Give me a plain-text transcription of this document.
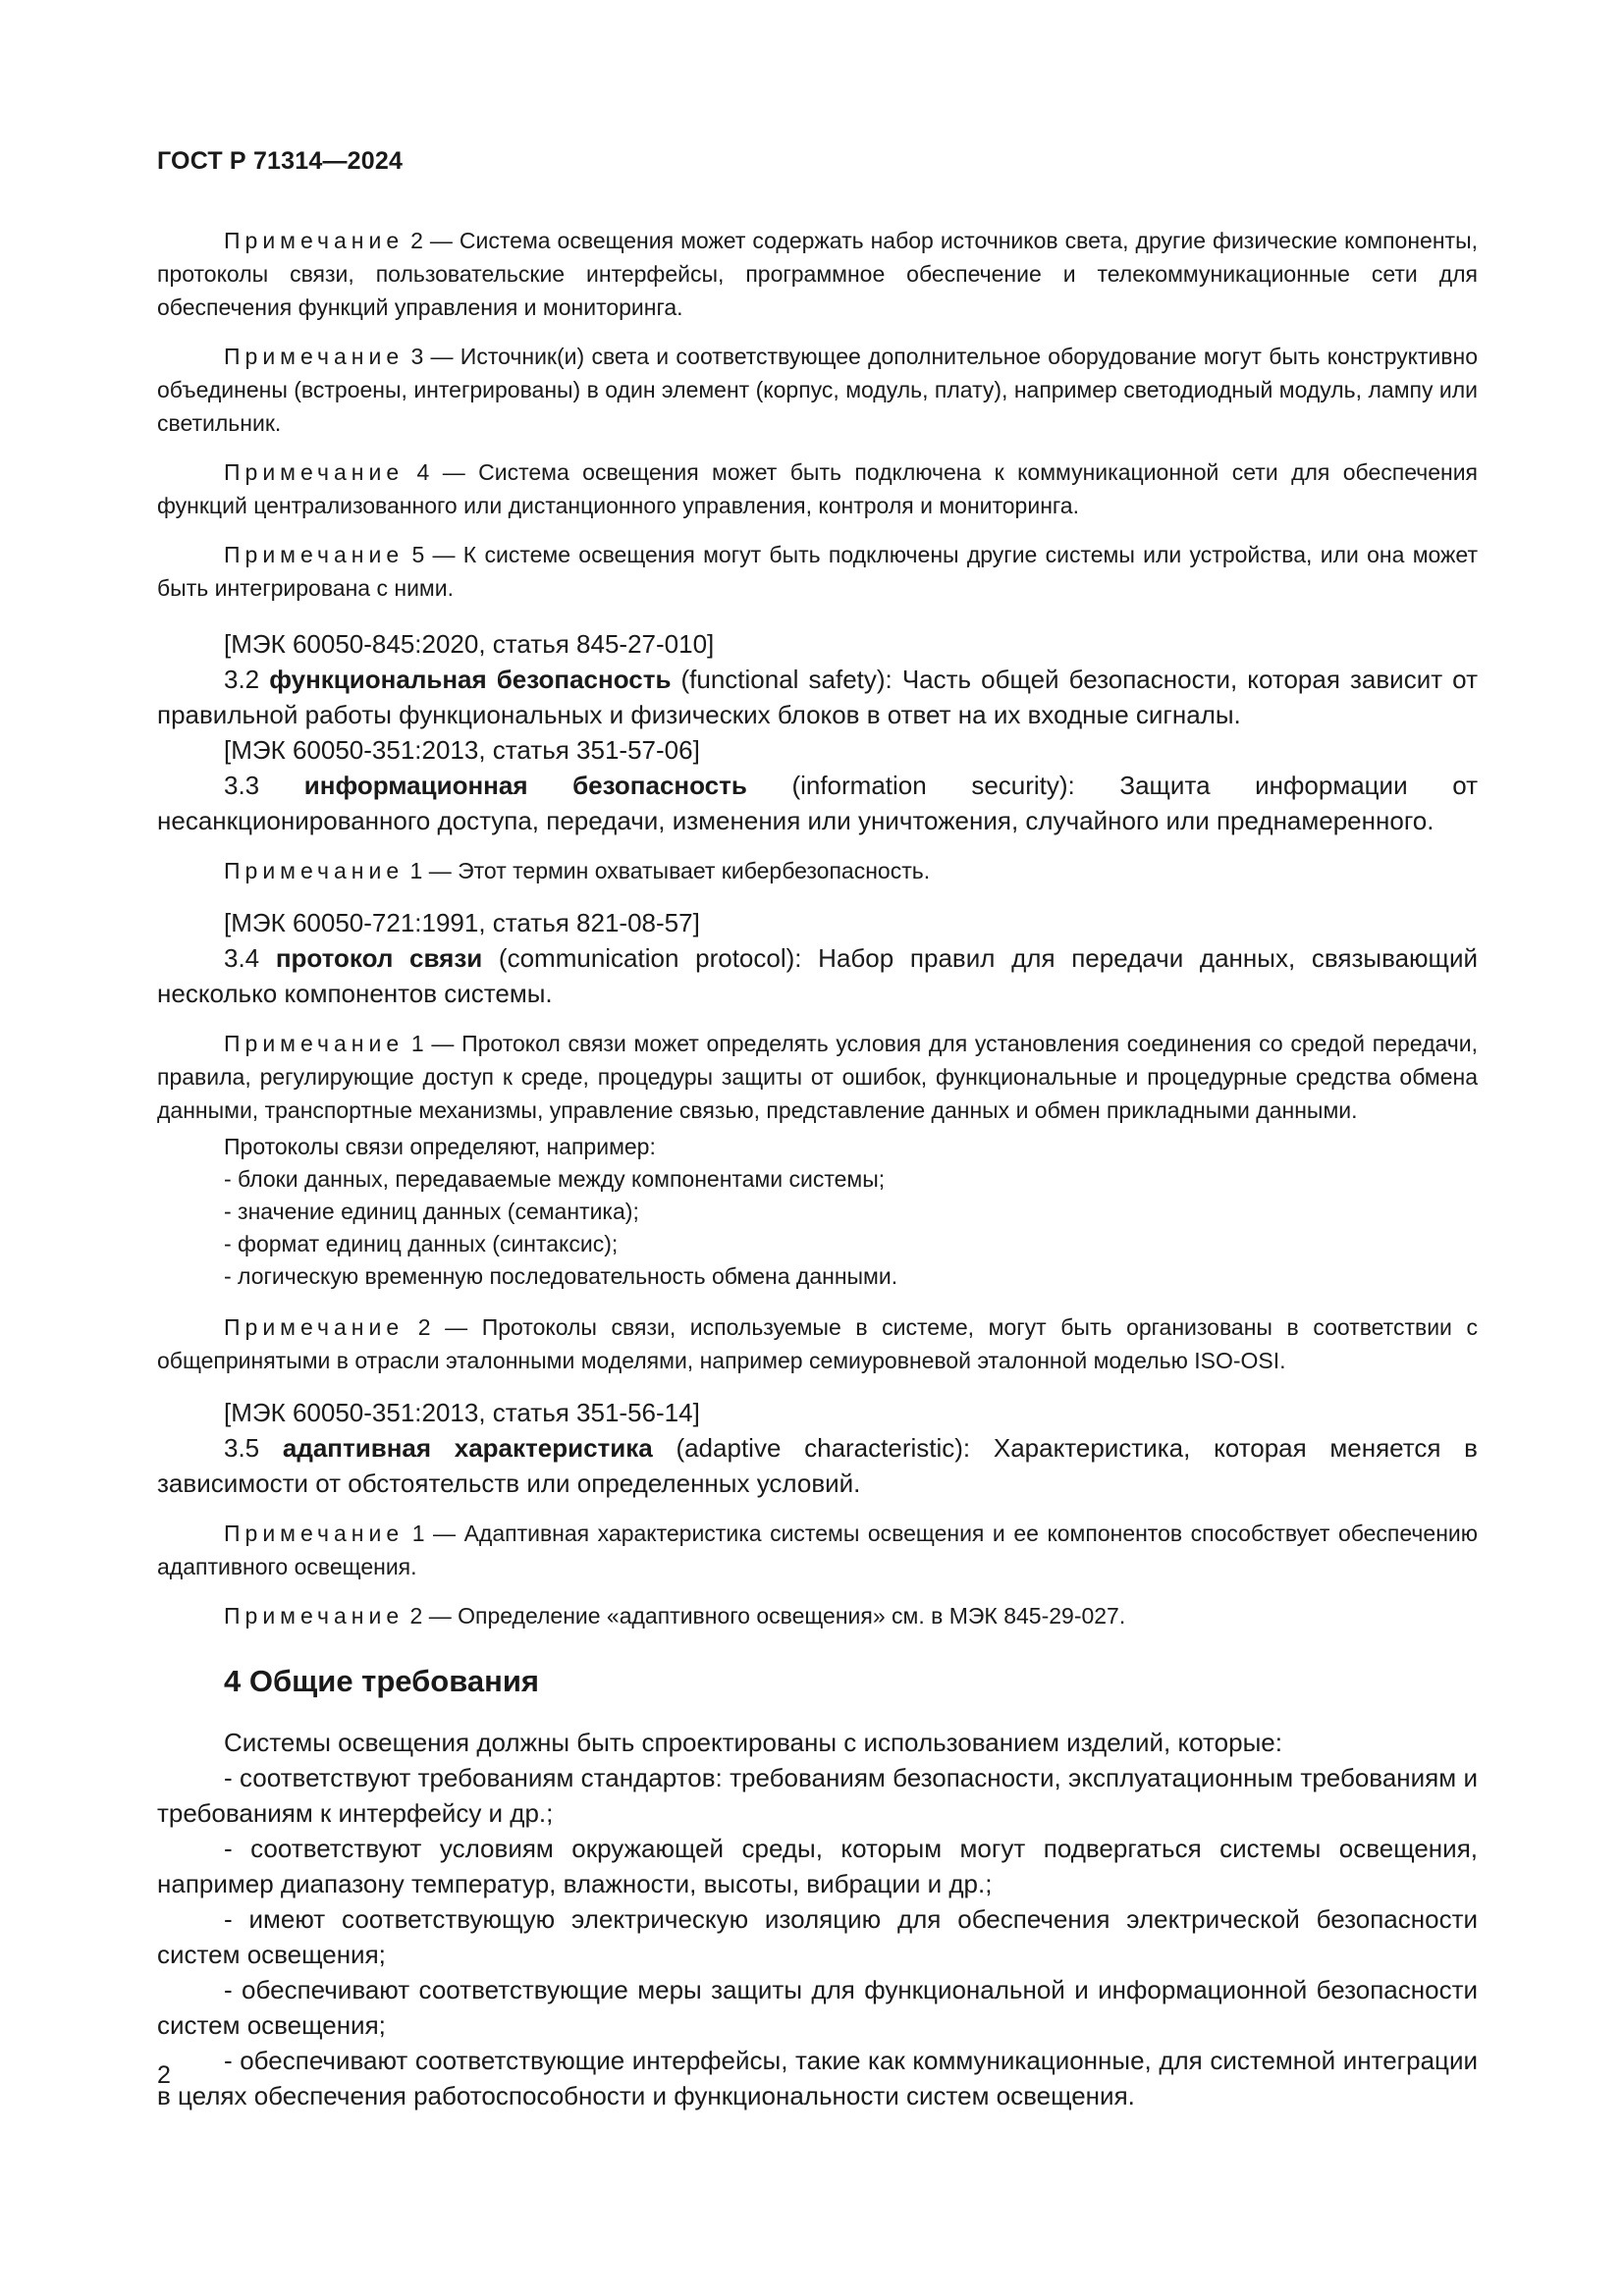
ГОСТ Р 71314—2024

Примечание 2 — Система освещения может содержать набор источников света, другие физические компоненты, протоколы связи, пользовательские интерфейсы, программное обеспечение и телекоммуникационные сети для обеспечения функций управления и мониторинга.

Примечание 3 — Источник(и) света и соответствующее дополнительное оборудование могут быть конструктивно объединены (встроены, интегрированы) в один элемент (корпус, модуль, плату), например светодиодный модуль, лампу или светильник.

Примечание 4 — Система освещения может быть подключена к коммуникационной сети для обеспечения функций централизованного или дистанционного управления, контроля и мониторинга.

Примечание 5 — К системе освещения могут быть подключены другие системы или устройства, или она может быть интегрирована с ними.

[МЭК 60050-845:2020, статья 845-27-010]

3.2 функциональная безопасность (functional safety): Часть общей безопасности, которая зависит от правильной работы функциональных и физических блоков в ответ на их входные сигналы.

[МЭК 60050-351:2013, статья 351-57-06]

3.3 информационная безопасность (information security): Защита информации от несанкционированного доступа, передачи, изменения или уничтожения, случайного или преднамеренного.

Примечание 1 — Этот термин охватывает кибербезопасность.

[МЭК 60050-721:1991, статья 821-08-57]

3.4 протокол связи (communication protocol): Набор правил для передачи данных, связывающий несколько компонентов системы.

Примечание 1 — Протокол связи может определять условия для установления соединения со средой передачи, правила, регулирующие доступ к среде, процедуры защиты от ошибок, функциональные и процедурные средства обмена данными, транспортные механизмы, управление связью, представление данных и обмен прикладными данными.

Протоколы связи определяют, например:

- блоки данных, передаваемые между компонентами системы;

- значение единиц данных (семантика);

- формат единиц данных (синтаксис);

- логическую временную последовательность обмена данными.

Примечание 2 — Протоколы связи, используемые в системе, могут быть организованы в соответствии с общепринятыми в отрасли эталонными моделями, например семиуровневой эталонной моделью ISO-OSI.

[МЭК 60050-351:2013, статья 351-56-14]

3.5 адаптивная характеристика (adaptive characteristic): Характеристика, которая меняется в зависимости от обстоятельств или определенных условий.

Примечание 1 — Адаптивная характеристика системы освещения и ее компонентов способствует обеспечению адаптивного освещения.

Примечание 2 — Определение «адаптивного освещения» см. в МЭК 845-29-027.

4 Общие требования

Системы освещения должны быть спроектированы с использованием изделий, которые:

- соответствуют требованиям стандартов: требованиям безопасности, эксплуатационным требованиям и требованиям к интерфейсу и др.;

- соответствуют условиям окружающей среды, которым могут подвергаться системы освещения, например диапазону температур, влажности, высоты, вибрации и др.;

- имеют соответствующую электрическую изоляцию для обеспечения электрической безопасности систем освещения;

- обеспечивают соответствующие меры защиты для функциональной и информационной безопасности систем освещения;

- обеспечивают соответствующие интерфейсы, такие как коммуникационные, для системной интеграции в целях обеспечения работоспособности и функциональности систем освещения.

2
